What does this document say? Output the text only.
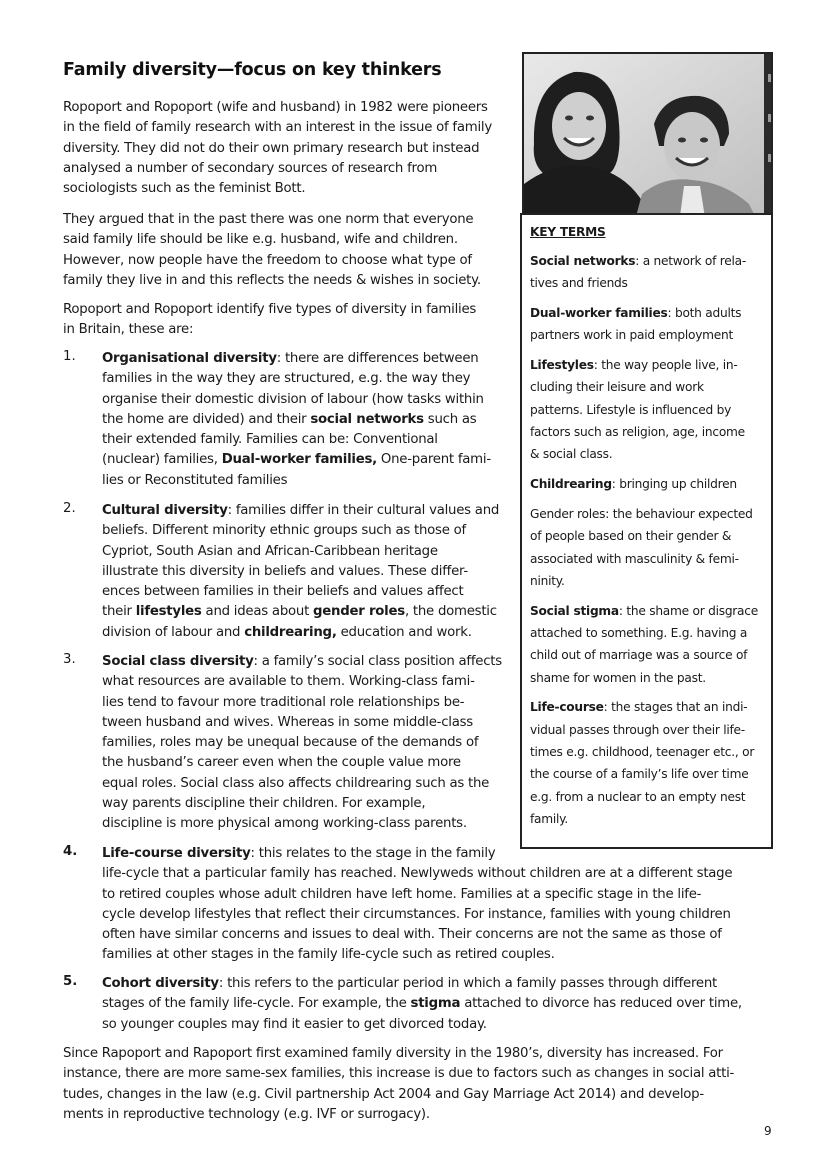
Family diversity—focus on key thinkers
Ropoport and Ropoport (wife and husband) in 1982 were pioneers
in the field of family research with an interest in the issue of family
diversity. They did not do their own primary research but instead
analysed a number of secondary sources of research from
sociologists such as the feminist Bott.
They argued that in the past there was one norm that everyone
said family life should be like e.g. husband, wife and children.
However, now people have the freedom to choose what type of
family they live in and this reflects the needs & wishes in society.
Ropoport and Ropoport identify five types of diversity in families
in Britain, these are:
1. Organisational diversity: there are differences between
families in the way they are structured, e.g. the way they
organise their domestic division of labour (how tasks within
the home are divided) and their social networks such as
their extended family. Families can be: Conventional
(nuclear) families, Dual-worker families, One-parent fami-
lies or Reconstituted families
2. Cultural diversity: families differ in their cultural values and
beliefs. Different minority ethnic groups such as those of
Cypriot, South Asian and African-Caribbean heritage
illustrate this diversity in beliefs and values. These differ-
ences between families in their beliefs and values affect
their lifestyles and ideas about gender roles, the domestic
division of labour and childrearing, education and work.
3. Social class diversity: a family’s social class position affects
what resources are available to them. Working-class fami-
lies tend to favour more traditional role relationships be-
tween husband and wives. Whereas in some middle-class
families, roles may be unequal because of the demands of
the husband’s career even when the couple value more
equal roles. Social class also affects childrearing such as the
way parents discipline their children. For example,
discipline is more physical among working-class parents.
4. Life-course diversity: this relates to the stage in the family
life-cycle that a particular family has reached. Newlyweds without children are at a different stage
to retired couples whose adult children have left home. Families at a specific stage in the life-
cycle develop lifestyles that reflect their circumstances. For instance, families with young children
often have similar concerns and issues to deal with. Their concerns are not the same as those of
families at other stages in the family life-cycle such as retired couples.
5. Cohort diversity: this refers to the particular period in which a family passes through different
stages of the family life-cycle. For example, the stigma attached to divorce has reduced over time,
so younger couples may find it easier to get divorced today.
Since Rapoport and Rapoport first examined family diversity in the 1980’s, diversity has increased. For
instance, there are more same-sex families, this increase is due to factors such as changes in social atti-
tudes, changes in the law (e.g. Civil partnership Act 2004 and Gay Marriage Act 2014) and develop-
ments in reproductive technology (e.g. IVF or surrogacy).
KEY TERMS
Social networks: a network of rela-
tives and friends
Dual-worker families: both adults
partners work in paid employment
Lifestyles: the way people live, in-
cluding their leisure and work
patterns. Lifestyle is influenced by
factors such as religion, age, income
& social class.
Childrearing: bringing up children
Gender roles: the behaviour expected
of people based on their gender &
associated with masculinity & femi-
ninity.
Social stigma: the shame or disgrace
attached to something. E.g. having a
child out of marriage was a source of
shame for women in the past.
Life-course: the stages that an indi-
vidual passes through over their life-
times e.g. childhood, teenager etc., or
the course of a family’s life over time
e.g. from a nuclear to an empty nest
family.
9
